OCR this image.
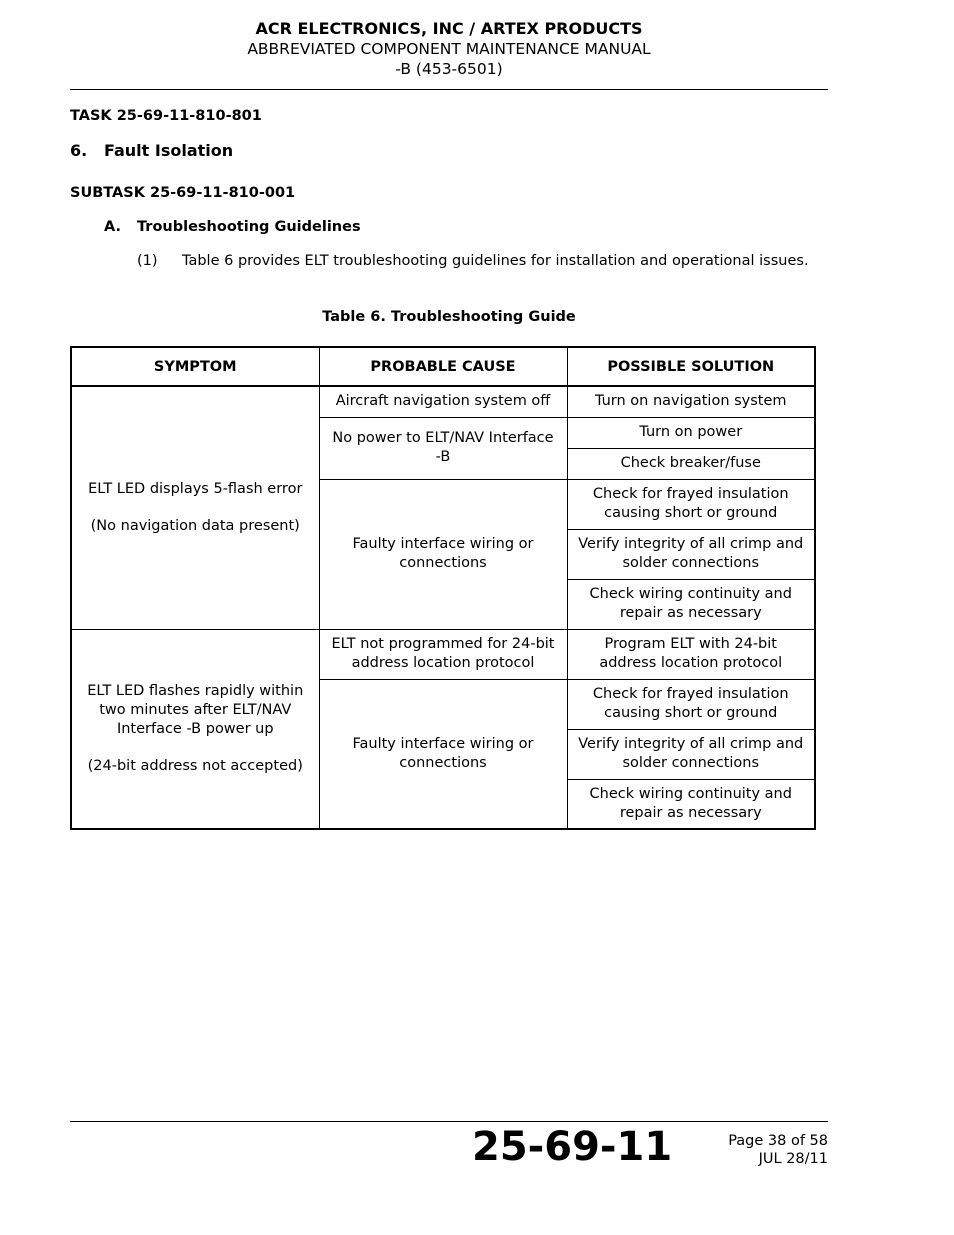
ACR ELECTRONICS, INC / ARTEX PRODUCTS
ABBREVIATED COMPONENT MAINTENANCE MANUAL
-B (453-6501)
TASK 25-69-11-810-801
6. Fault Isolation
SUBTASK 25-69-11-810-001
A. Troubleshooting Guidelines
(1) Table 6 provides ELT troubleshooting guidelines for installation and operational issues.
Table 6. Troubleshooting Guide
SYMPTOM	PROBABLE CAUSE	POSSIBLE SOLUTION

ELT LED displays 5-flash error
(No navigation data present)	Aircraft navigation system off	Turn on navigation system
	No power to ELT/NAV Interface -B	Turn on power
		Check breaker/fuse
	Faulty interface wiring or connections	Check for frayed insulation causing short or ground
		Verify integrity of all crimp and solder connections
		Check wiring continuity and repair as necessary

ELT LED flashes rapidly within two minutes after ELT/NAV Interface -B power up
(24-bit address not accepted)	ELT not programmed for 24-bit address location protocol	Program ELT with 24-bit address location protocol
	Faulty interface wiring or connections	Check for frayed insulation causing short or ground
		Verify integrity of all crimp and solder connections
		Check wiring continuity and repair as necessary
25-69-11	Page 38 of 58
JUL 28/11
